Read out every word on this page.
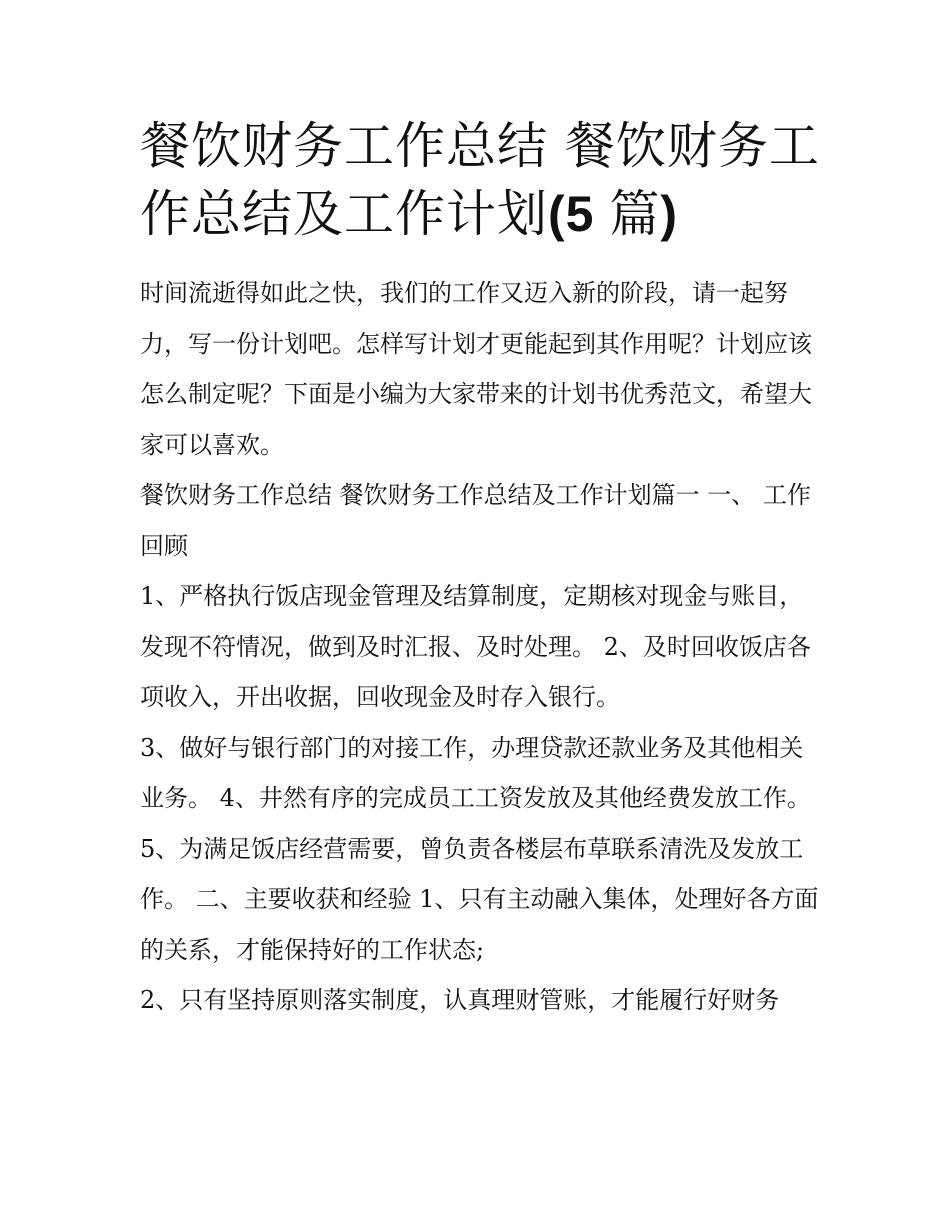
餐饮财务工作总结 餐饮财务工
作总结及工作计划(5 篇)

时间流逝得如此之快，我们的工作又迈入新的阶段，请一起努力，写一份计划吧。怎样写计划才更能起到其作用呢？计划应该怎么制定呢？下面是小编为大家带来的计划书优秀范文，希望大家可以喜欢。

餐饮财务工作总结 餐饮财务工作总结及工作计划篇一 一、 工作回顾

1、严格执行饭店现金管理及结算制度，定期核对现金与账目，发现不符情况，做到及时汇报、及时处理。 2、及时回收饭店各项收入，开出收据，回收现金及时存入银行。

3、做好与银行部门的对接工作，办理贷款还款业务及其他相关业务。 4、井然有序的完成员工工资发放及其他经费发放工作。

5、为满足饭店经营需要，曾负责各楼层布草联系清洗及发放工作。 二、主要收获和经验 1、只有主动融入集体，处理好各方面的关系，才能保持好的工作状态;

2、只有坚持原则落实制度，认真理财管账，才能履行好财务
